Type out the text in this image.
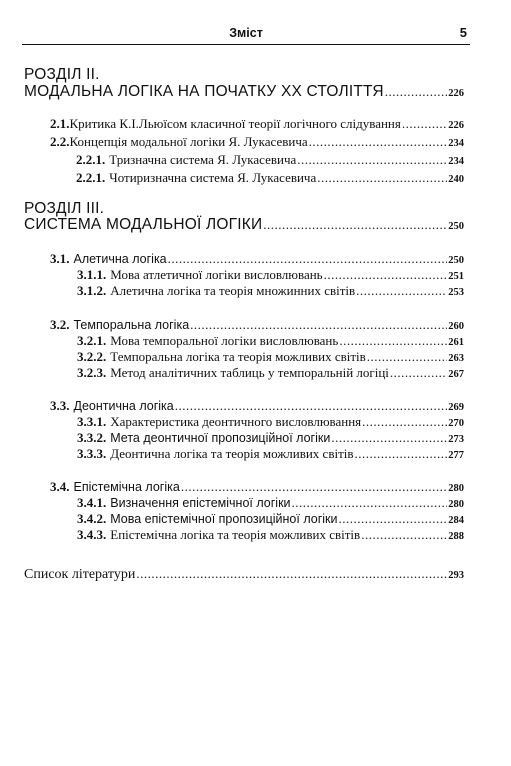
Зміст	5
РОЗДІЛ ІІ.
МОДАЛЬНА ЛОГІКА НА ПОЧАТКУ ХХ СТОЛІТТЯ .....	226
2.1. Критика К.І.Льюїсом класичної теорії логічного слідування .....	226
2.2. Концепція модальної логіки Я. Лукасевича .....	234
2.2.1. Тризначна система Я. Лукасевича .....	234
2.2.1. Чотиризначна система Я. Лукасевича .....	240
РОЗДІЛ ІІІ.
СИСТЕМА МОДАЛЬНОЇ ЛОГІКИ .....	250
3.1. Алетична логіка .....	250
3.1.1. Мова атлетичної логіки висловлювань .....	251
3.1.2. Алетична логіка та теорія множинних світів .....	253
3.2. Темпоральна логіка .....	260
3.2.1. Мова темпоральної логіки висловлювань .....	261
3.2.2. Темпоральна логіка та теорія можливих світів .....	263
3.2.3. Метод аналітичних таблиць у темпоральній логіці .....	267
3.3. Деонтична логіка .....	269
3.3.1. Характеристика деонтичного висловлювання .....	270
3.3.2. Мета деонтичної пропозиційної логіки .....	273
3.3.3. Деонтична логіка та теорія можливих світів .....	277
3.4. Епістемічна логіка .....	280
3.4.1. Визначення епістемічної логіки .....	280
3.4.2. Мова епістемічної пропозиційної логіки .....	284
3.4.3. Епістемічна логіка та теорія можливих світів .....	288
Список літератури .....	293
